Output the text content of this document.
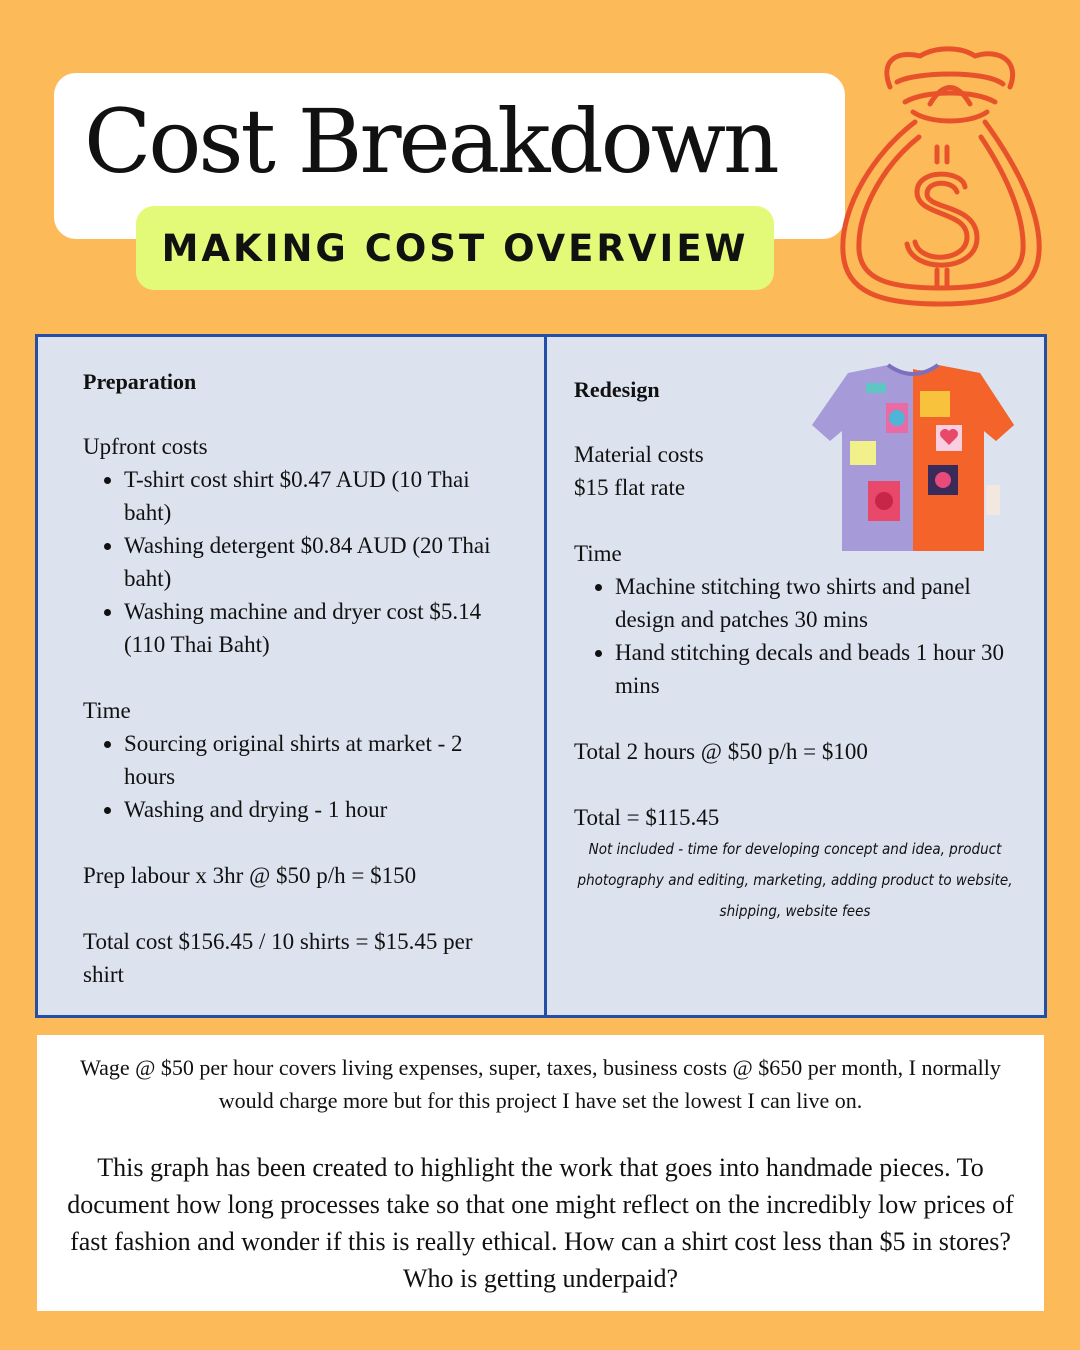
Cost Breakdown
MAKING COST OVERVIEW
Preparation

Upfront costs

• T-shirt cost shirt $0.47 AUD (10 Thai baht)
• Washing detergent $0.84 AUD (20 Thai baht)
• Washing machine and dryer cost $5.14 (110 Thai Baht)

Time

• Sourcing original shirts at market - 2 hours
• Washing and drying - 1 hour

Prep labour x 3hr @ $50 p/h = $150

Total cost $156.45 / 10 shirts = $15.45 per shirt

Redesign

Material costs

$15 flat rate

Time

• Machine stitching two shirts and panel design and patches 30 mins
• Hand stitching decals and beads 1 hour 30 mins

Total 2 hours @ $50 p/h = $100

Total = $115.45

Not included - time for developing concept and idea, product photography and editing, marketing, adding product to website, shipping, website fees

Wage @ $50 per hour covers living expenses, super, taxes, business costs @ $650 per month, I normally would charge more but for this project I have set the lowest I can live on.

This graph has been created to highlight the work that goes into handmade pieces. To document how long processes take so that one might reflect on the incredibly low prices of fast fashion and wonder if this is really ethical. How can a shirt cost less than $5 in stores? Who is getting underpaid?
